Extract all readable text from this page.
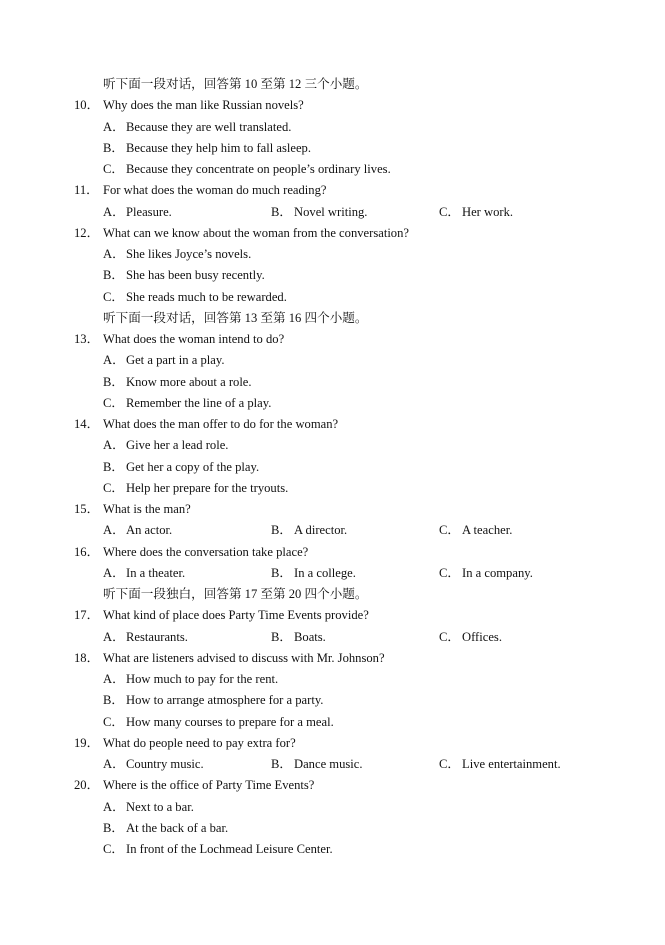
听下面一段对话，回答第 10 至第 12 三个小题。
10． Why does the man like Russian novels?
A．Because they are well translated.
B． Because they help him to fall asleep.
C． Because they concentrate on people’s ordinary lives.
11． For what does the woman do much reading?
A．Pleasure.	B． Novel writing.	C． Her work.
12． What can we know about the woman from the conversation?
A．She likes Joyce’s novels.
B． She has been busy recently.
C． She reads much to be rewarded.
听下面一段对话，回答第 13 至第 16 四个小题。
13． What does the woman intend to do?
A．Get a part in a play.
B． Know more about a role.
C． Remember the line of a play.
14． What does the man offer to do for the woman?
A．Give her a lead role.
B． Get her a copy of the play.
C． Help her prepare for the tryouts.
15． What is the man?
A．An actor.	B． A director.	C． A teacher.
16． Where does the conversation take place?
A．In a theater.	B． In a college.	C． In a company.
听下面一段独白，回答第 17 至第 20 四个小题。
17． What kind of place does Party Time Events provide?
A．Restaurants.	B． Boats.	C． Offices.
18． What are listeners advised to discuss with Mr. Johnson?
A．How much to pay for the rent.
B． How to arrange atmosphere for a party.
C． How many courses to prepare for a meal.
19． What do people need to pay extra for?
A．Country music.	B． Dance music.	C． Live entertainment.
20． Where is the office of Party Time Events?
A．Next to a bar.
B． At the back of a bar.
C． In front of the Lochmead Leisure Center.
